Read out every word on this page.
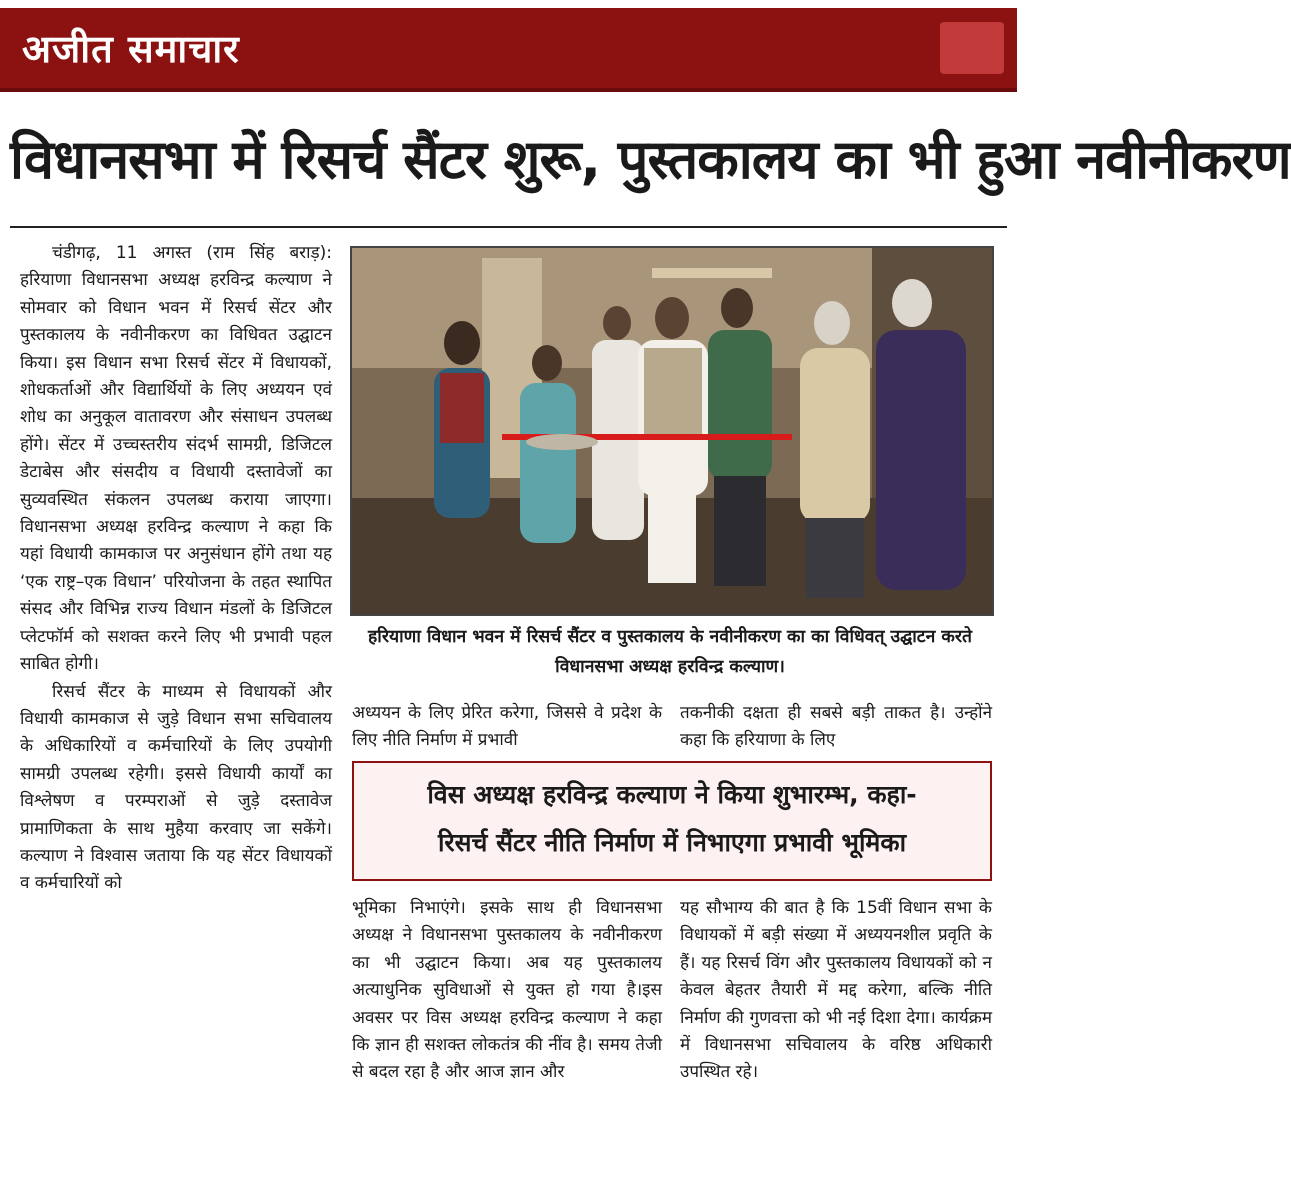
अजीत समाचार
विधानसभा में रिसर्च सैंटर शुरू, पुस्तकालय का भी हुआ नवीनीकरण

चंडीगढ़, 11 अगस्त (राम सिंह बराड़): हरियाणा विधानसभा अध्यक्ष हरविन्द्र कल्याण ने सोमवार को विधान भवन में रिसर्च सेंटर और पुस्तकालय के नवीनीकरण का विधिवत उद्घाटन किया। इस विधान सभा रिसर्च सेंटर में विधायकों, शोधकर्ताओं और विद्यार्थियों के लिए अध्ययन एवं शोध का अनुकूल वातावरण और संसाधन उपलब्ध होंगे। सेंटर में उच्चस्तरीय संदर्भ सामग्री, डिजिटल डेटाबेस और संसदीय व विधायी दस्तावेजों का सुव्यवस्थित संकलन उपलब्ध कराया जाएगा। विधानसभा अध्यक्ष हरविन्द्र कल्याण ने कहा कि यहां विधायी कामकाज पर अनुसंधान होंगे तथा यह ‘एक राष्ट्र–एक विधान’ परियोजना के तहत स्थापित संसद और विभिन्न राज्य विधान मंडलों के डिजिटल प्लेटफॉर्म को सशक्त करने लिए भी प्रभावी पहल साबित होगी।

रिसर्च सैंटर के माध्यम से विधायकों और विधायी कामकाज से जुड़े विधान सभा सचिवालय के अधिकारियों व कर्मचारियों के लिए उपयोगी सामग्री उपलब्ध रहेगी। इससे विधायी कार्यों का विश्लेषण व परम्पराओं से जुड़े दस्तावेज प्रामाणिकता के साथ मुहैया करवाए जा सकेंगे। कल्याण ने विश्वास जताया कि यह सेंटर विधायकों व कर्मचारियों को

हरियाणा विधान भवन में रिसर्च सैंटर व पुस्तकालय के नवीनीकरण का का विधिवत् उद्घाटन करते विधानसभा अध्यक्ष हरविन्द्र कल्याण।

अध्ययन के लिए प्रेरित करेगा, जिससे वे प्रदेश के लिए नीति निर्माण में प्रभावी

तकनीकी दक्षता ही सबसे बड़ी ताकत है। उन्होंने कहा कि हरियाणा के लिए

विस अध्यक्ष हरविन्द्र कल्याण ने किया शुभारम्भ, कहा-
रिसर्च सैंटर नीति निर्माण में निभाएगा प्रभावी भूमिका

भूमिका निभाएंगे। इसके साथ ही विधानसभा अध्यक्ष ने विधानसभा पुस्तकालय के नवीनीकरण का भी उद्घाटन किया। अब यह पुस्तकालय अत्याधुनिक सुविधाओं से युक्त हो गया है।इस अवसर पर विस अध्यक्ष हरविन्द्र कल्याण ने कहा कि ज्ञान ही सशक्त लोकतंत्र की नींव है। समय तेजी से बदल रहा है और आज ज्ञान और

यह सौभाग्य की बात है कि 15वीं विधान सभा के विधायकों में बड़ी संख्या में अध्ययनशील प्रवृति के हैं। यह रिसर्च विंग और पुस्तकालय विधायकों को न केवल बेहतर तैयारी में मद्द करेगा, बल्कि नीति निर्माण की गुणवत्ता को भी नई दिशा देगा। कार्यक्रम में विधानसभा सचिवालय के वरिष्ठ अधिकारी उपस्थित रहे।
